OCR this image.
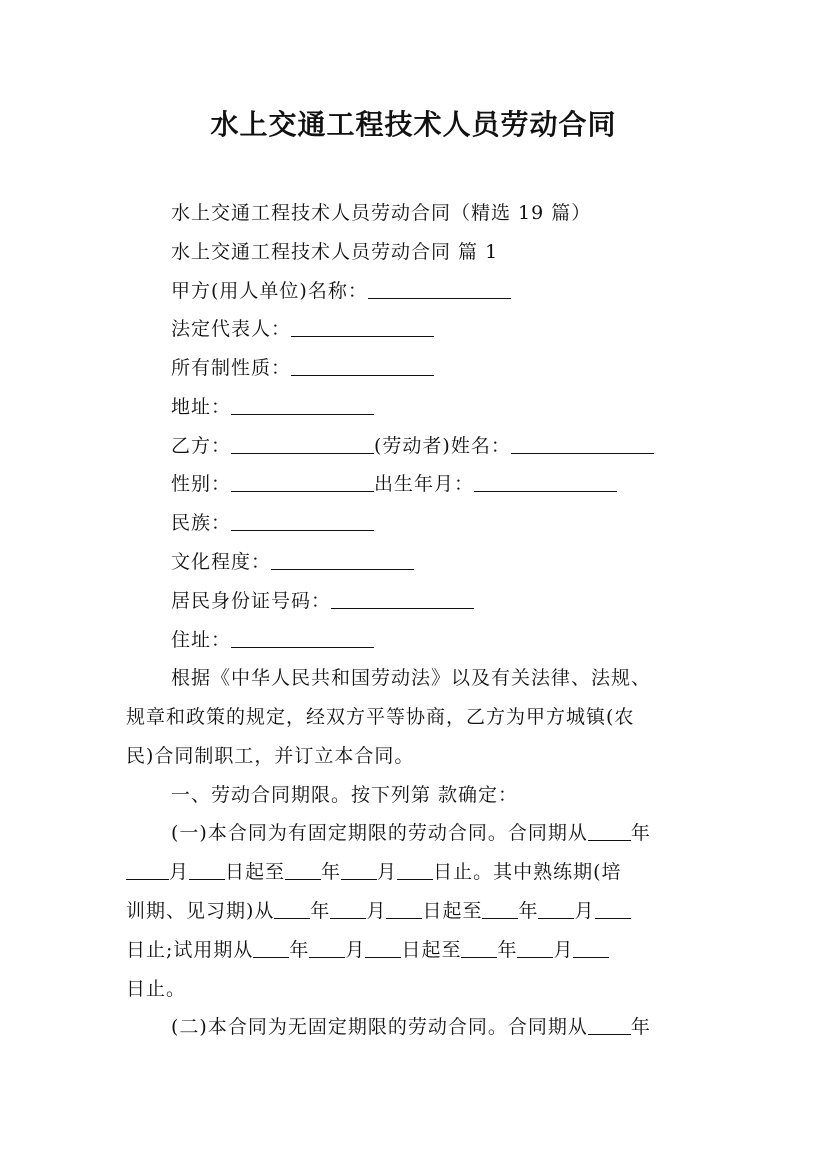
水上交通工程技术人员劳动合同
水上交通工程技术人员劳动合同（精选 19 篇）
水上交通工程技术人员劳动合同 篇 1
甲方(用人单位)名称：
法定代表人：
所有制性质：
地址：
乙方：	(劳动者)姓名：
性别：	出生年月：
民族：
文化程度：
居民身份证号码：
住址：
根据《中华人民共和国劳动法》以及有关法律、法规、
规章和政策的规定，经双方平等协商，乙方为甲方城镇(农
民)合同制职工，并订立本合同。
一、劳动合同期限。按下列第 款确定：
(一)本合同为有固定期限的劳动合同。合同期从 年
月 日起至 年 月 日止。其中熟练期(培
训期、见习期)从 年 月 日起至 年 月
日止;试用期从 年 月 日起至 年 月
日止。
(二)本合同为无固定期限的劳动合同。合同期从 年
